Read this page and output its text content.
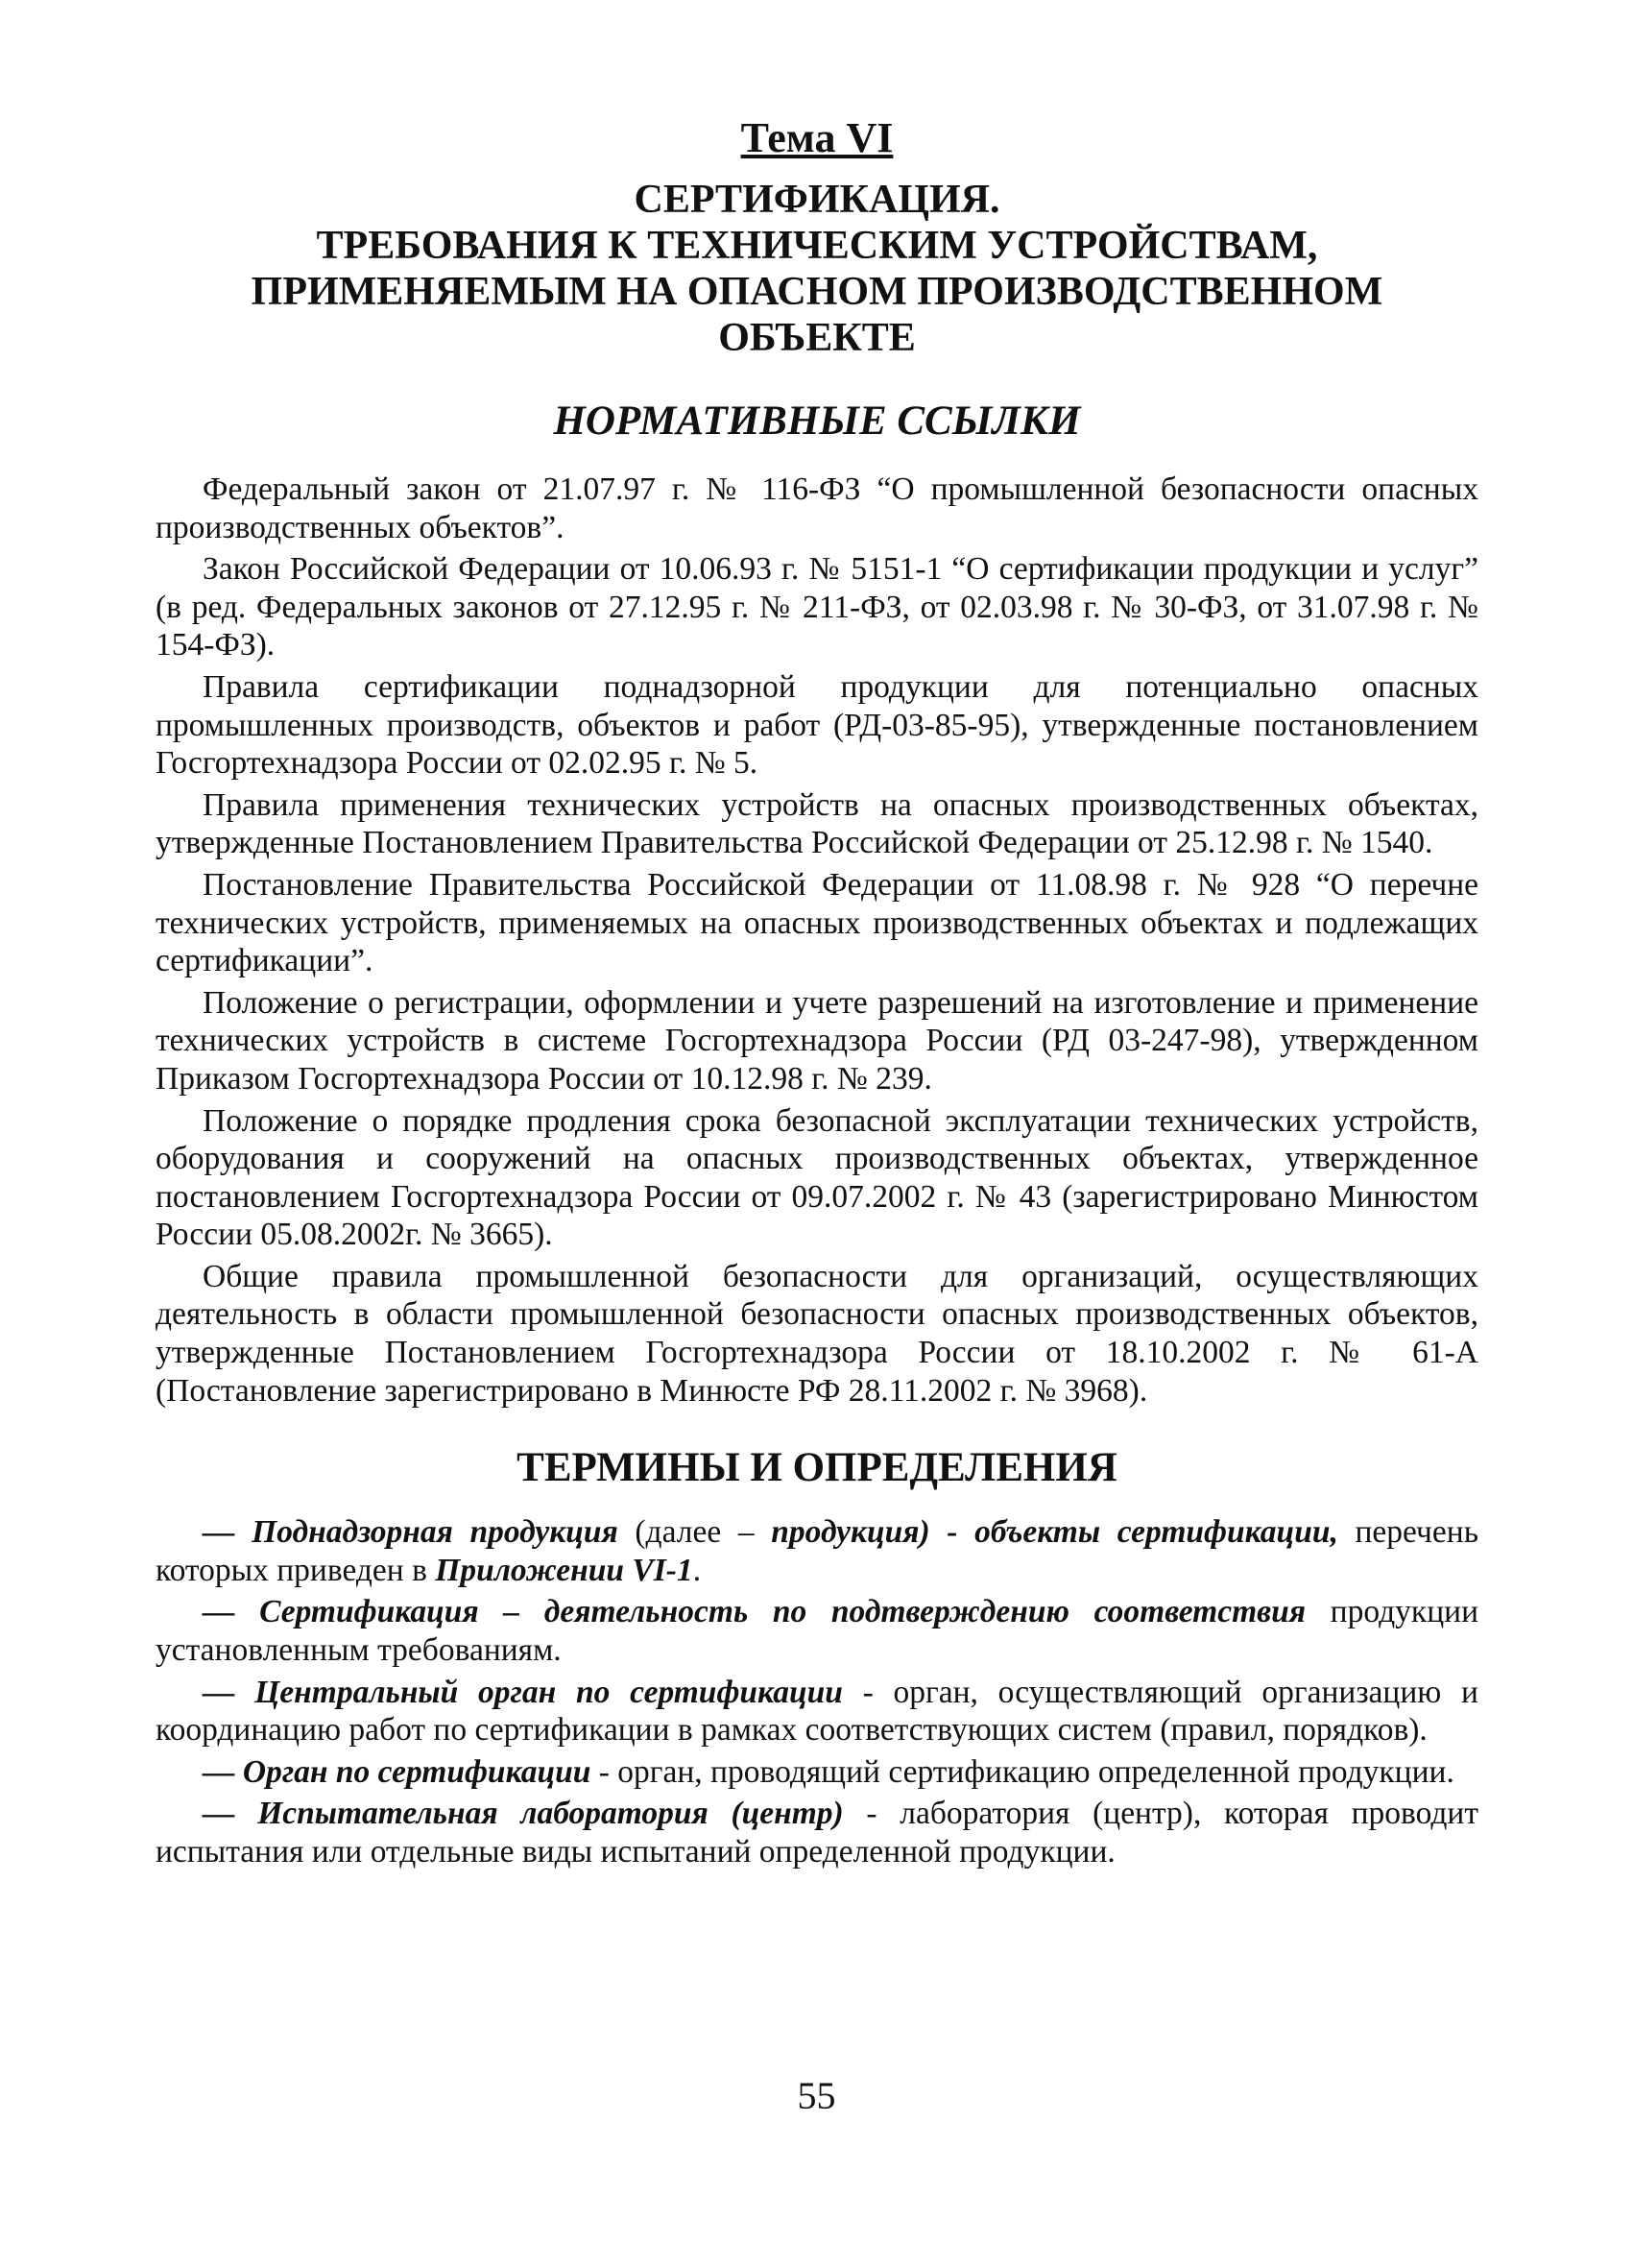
Тема VI
СЕРТИФИКАЦИЯ.
ТРЕБОВАНИЯ К ТЕХНИЧЕСКИМ УСТРОЙСТВАМ,
ПРИМЕНЯЕМЫМ НА ОПАСНОМ ПРОИЗВОДСТВЕННОМ
ОБЪЕКТЕ
НОРМАТИВНЫЕ ССЫЛКИ

Федеральный закон от 21.07.97 г. № 116-ФЗ “О промышленной безопасности опасных производственных объектов”.

Закон Российской Федерации от 10.06.93 г. № 5151-1 “О сертификации продукции и услуг” (в ред. Федеральных законов от 27.12.95 г. № 211-ФЗ, от 02.03.98 г. № 30-ФЗ, от 31.07.98 г. № 154-ФЗ).

Правила сертификации поднадзорной продукции для потенциально опасных промышленных производств, объектов и работ (РД-03-85-95), утвержденные постановлением Госгортехнадзора России от 02.02.95 г. № 5.

Правила применения технических устройств на опасных производственных объектах, утвержденные Постановлением Правительства Российской Федерации от 25.12.98 г. № 1540.

Постановление Правительства Российской Федерации от 11.08.98 г. № 928 “О перечне технических устройств, применяемых на опасных производственных объектах и подлежащих сертификации”.

Положение о регистрации, оформлении и учете разрешений на изготовление и применение технических устройств в системе Госгортехнадзора России (РД 03-247-98), утвержденном Приказом Госгортехнадзора России от 10.12.98 г. № 239.

Положение о порядке продления срока безопасной эксплуатации технических устройств, оборудования и сооружений на опасных производственных объектах, утвержденное постановлением Госгортехнадзора России от 09.07.2002 г. № 43 (зарегистрировано Минюстом России 05.08.2002г. № 3665).

Общие правила промышленной безопасности для организаций, осуществляющих деятельность в области промышленной безопасности опасных производственных объектов, утвержденные Постановлением Госгортехнадзора России от 18.10.2002 г. № 61-А (Постановление зарегистрировано в Минюсте РФ 28.11.2002 г. № 3968).

ТЕРМИНЫ И ОПРЕДЕЛЕНИЯ

— Поднадзорная продукция (далее – продукция) - объекты сертификации, перечень которых приведен в Приложении VI-1.

— Сертификация – деятельность по подтверждению соответствия продукции установленным требованиям.

— Центральный орган по сертификации - орган, осуществляющий организацию и координацию работ по сертификации в рамках соответствующих систем (правил, порядков).

— Орган по сертификации - орган, проводящий сертификацию определенной продукции.

— Испытательная лаборатория (центр) - лаборатория (центр), которая проводит испытания или отдельные виды испытаний определенной продукции.

55
